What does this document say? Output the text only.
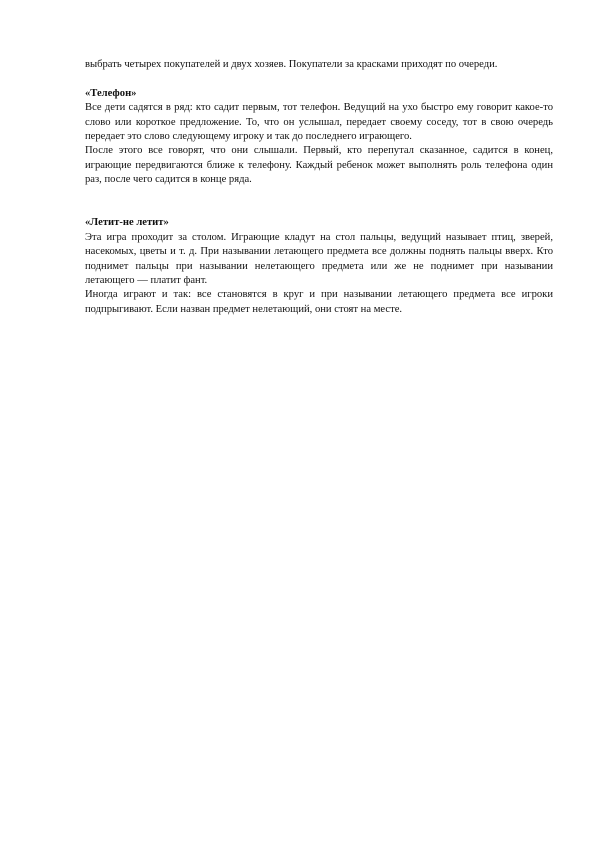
выбрать четырех покупателей и двух хозяев. Покупатели за красками приходят по очереди.

«Телефон»

Все дети садятся в ряд: кто садит первым, тот телефон. Ведущий на ухо быстро ему говорит какое-то слово или короткое предложение. То, что он услышал, передает своему соседу, тот в свою очередь передает это слово следующему игроку и так до последнего играющего.

После этого все говорят, что они слышали. Первый, кто перепутал сказанное, садится в конец, играющие передвигаются ближе к телефону. Каждый ребенок может выполнять роль телефона один раз, после чего садится в конце ряда.

«Летит-не летит»

Эта игра проходит за столом. Играющие кладут на стол пальцы, ведущий называет птиц, зверей, насекомых, цветы и т. д. При назывании летающего предмета все должны поднять пальцы вверх. Кто поднимет пальцы при назывании нелетающего предмета или же не поднимет при назывании летающего — платит фант.

Иногда играют и так: все становятся в круг и при назывании летающего предмета все игроки подпрыгивают. Если назван предмет нелетающий, они стоят на месте.
